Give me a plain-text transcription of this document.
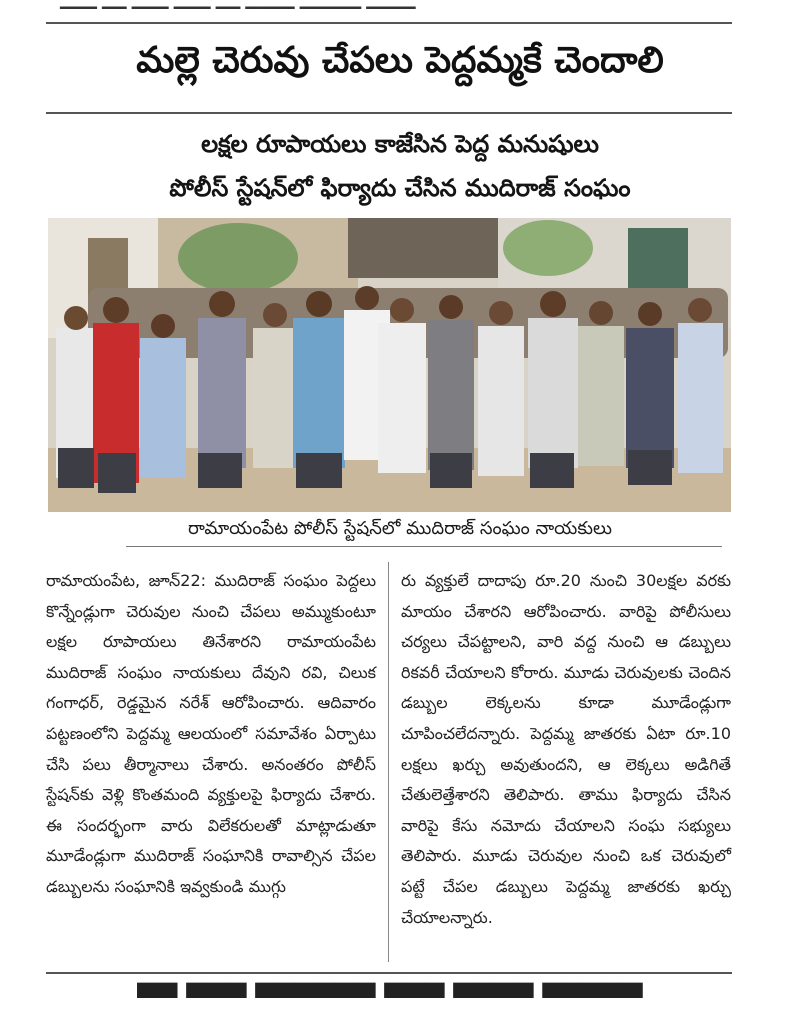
మల్లె చెరువు చేపలు పెద్దమ్మకే చెందాలి
లక్షల రూపాయలు కాజేసిన పెద్ద మనుషులు
పోలీస్ స్టేషన్‌లో ఫిర్యాదు చేసిన ముదిరాజ్ సంఘం
రామాయంపేట పోలీస్ స్టేషన్‌లో ముదిరాజ్ సంఘం నాయకులు

రామాయంపేట, జూన్22: ముదిరాజ్ సంఘం పెద్దలు కొన్నేండ్లుగా చెరువుల నుంచి చేపలు అమ్ముకుంటూ లక్షల రూపాయలు తినేశారని రామాయంపేట ముదిరాజ్ సంఘం నాయకులు దేవుని రవి, చిలుక గంగాధర్, రెడ్డమైన నరేశ్ ఆరోపించారు. ఆదివారం పట్టణంలోని పెద్దమ్మ ఆలయంలో సమావేశం ఏర్పాటు చేసి పలు తీర్మానాలు చేశారు. అనంతరం పోలీస్ స్టేషన్‌కు వెళ్లి కొంతమంది వ్యక్తులపై ఫిర్యాదు చేశారు. ఈ సందర్భంగా వారు విలేకరులతో మాట్లాడుతూ మూడేండ్లుగా ముదిరాజ్ సంఘానికి రావాల్సిన చేపల డబ్బులను సంఘానికి ఇవ్వకుండి ముగ్గు

రు వ్యక్తులే దాదాపు రూ.20 నుంచి 30లక్షల వరకు మాయం చేశారని ఆరోపించారు. వారిపై పోలీసులు చర్యలు చేపట్టాలని, వారి వద్ద నుంచి ఆ డబ్బులు రికవరీ చేయాలని కోరారు. మూడు చెరువులకు చెందిన డబ్బుల లెక్కలను కూడా మూడేండ్లుగా చూపించలేదన్నారు. పెద్దమ్మ జాతరకు ఏటా రూ.10 లక్షలు ఖర్చు అవుతుందని, ఆ లెక్కలు అడిగితే చేతులెత్తేశారని తెలిపారు. తాము ఫిర్యాదు చేసిన వారిపై కేసు నమోదు చేయాలని సంఘ సభ్యులు తెలిపారు. మూడు చెరువుల నుంచి ఒక చెరువులో పట్టే చేపల డబ్బులు పెద్దమ్మ జాతరకు ఖర్చు చేయాలన్నారు.

▀▀ ▀▀▀ ▀▀▀▀▀▀ ▀▀▀ ▀▀▀▀ ▀▀▀▀▀
